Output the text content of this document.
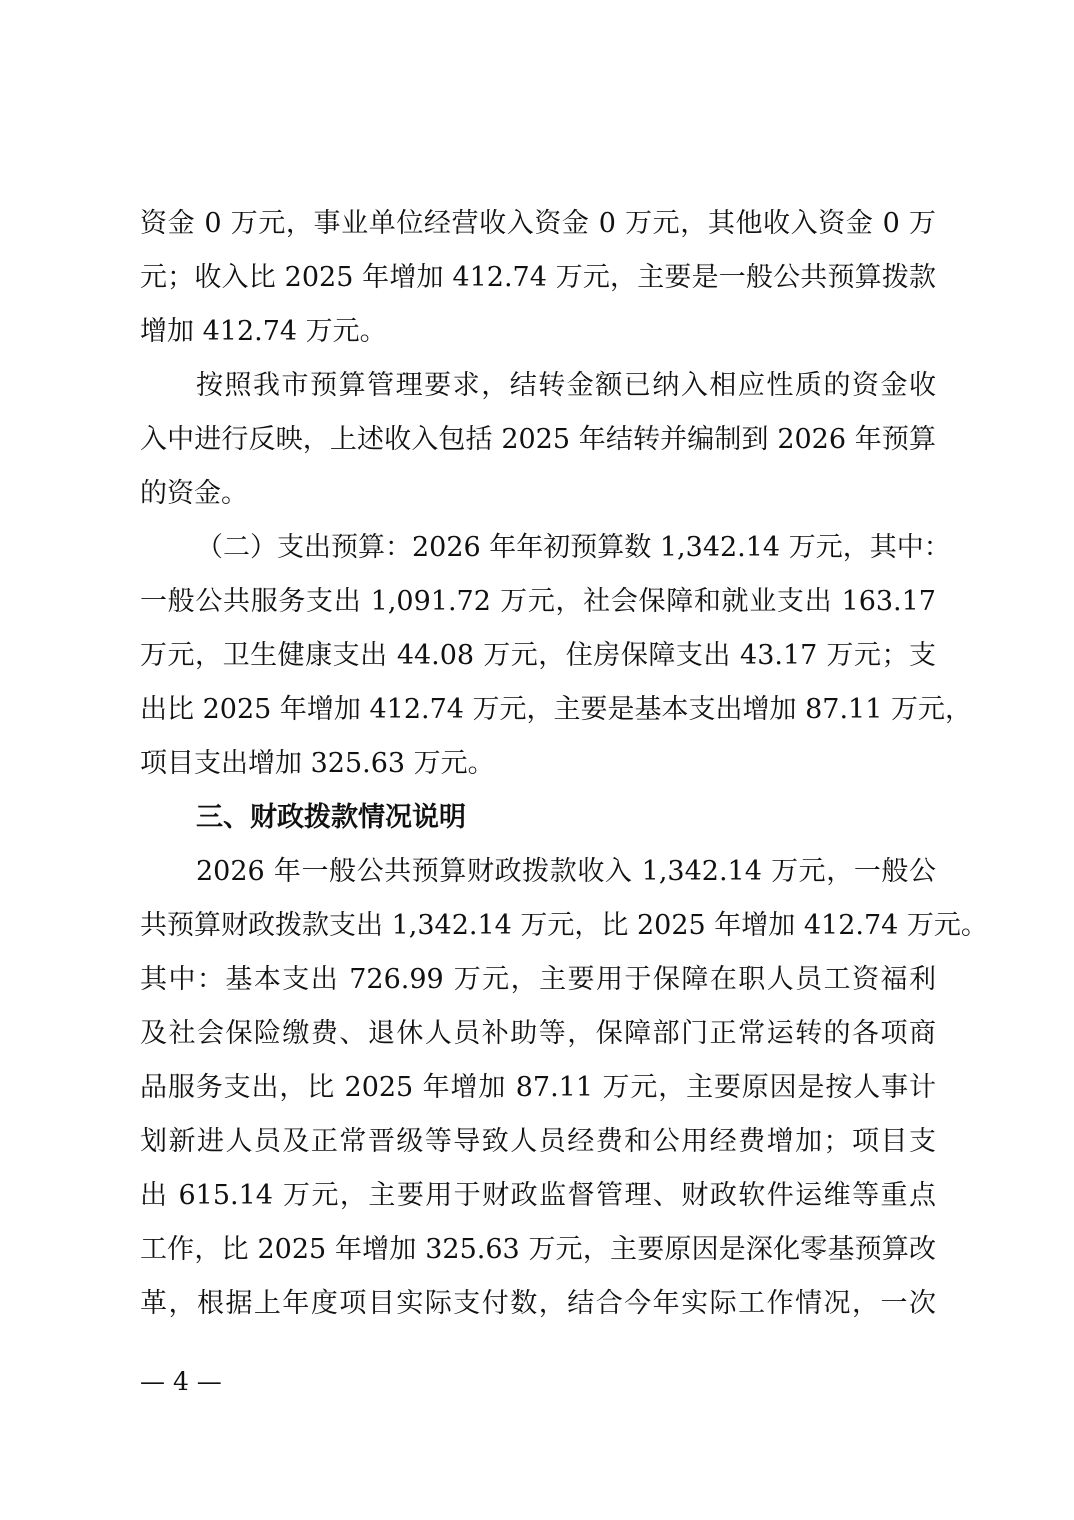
资金 0 万元，事业单位经营收入资金 0 万元，其他收入资金 0 万
元；收入比 2025 年增加 412.74 万元，主要是一般公共预算拨款
增加 412.74 万元。
按照我市预算管理要求，结转金额已纳入相应性质的资金收
入中进行反映，上述收入包括 2025 年结转并编制到 2026 年预算
的资金。
（二）支出预算：2026 年年初预算数 1,342.14 万元，其中：
一般公共服务支出 1,091.72 万元，社会保障和就业支出 163.17
万元，卫生健康支出 44.08 万元，住房保障支出 43.17 万元；支
出比 2025 年增加 412.74 万元，主要是基本支出增加 87.11 万元，
项目支出增加 325.63 万元。
三、财政拨款情况说明
2026 年一般公共预算财政拨款收入 1,342.14 万元，一般公
共预算财政拨款支出 1,342.14 万元，比 2025 年增加 412.74 万元。
其中：基本支出 726.99 万元，主要用于保障在职人员工资福利
及社会保险缴费、退休人员补助等，保障部门正常运转的各项商
品服务支出，比 2025 年增加 87.11 万元，主要原因是按人事计
划新进人员及正常晋级等导致人员经费和公用经费增加；项目支
出 615.14 万元，主要用于财政监督管理、财政软件运维等重点
工作，比 2025 年增加 325.63 万元，主要原因是深化零基预算改
革，根据上年度项目实际支付数，结合今年实际工作情况，一次
— 4 —
